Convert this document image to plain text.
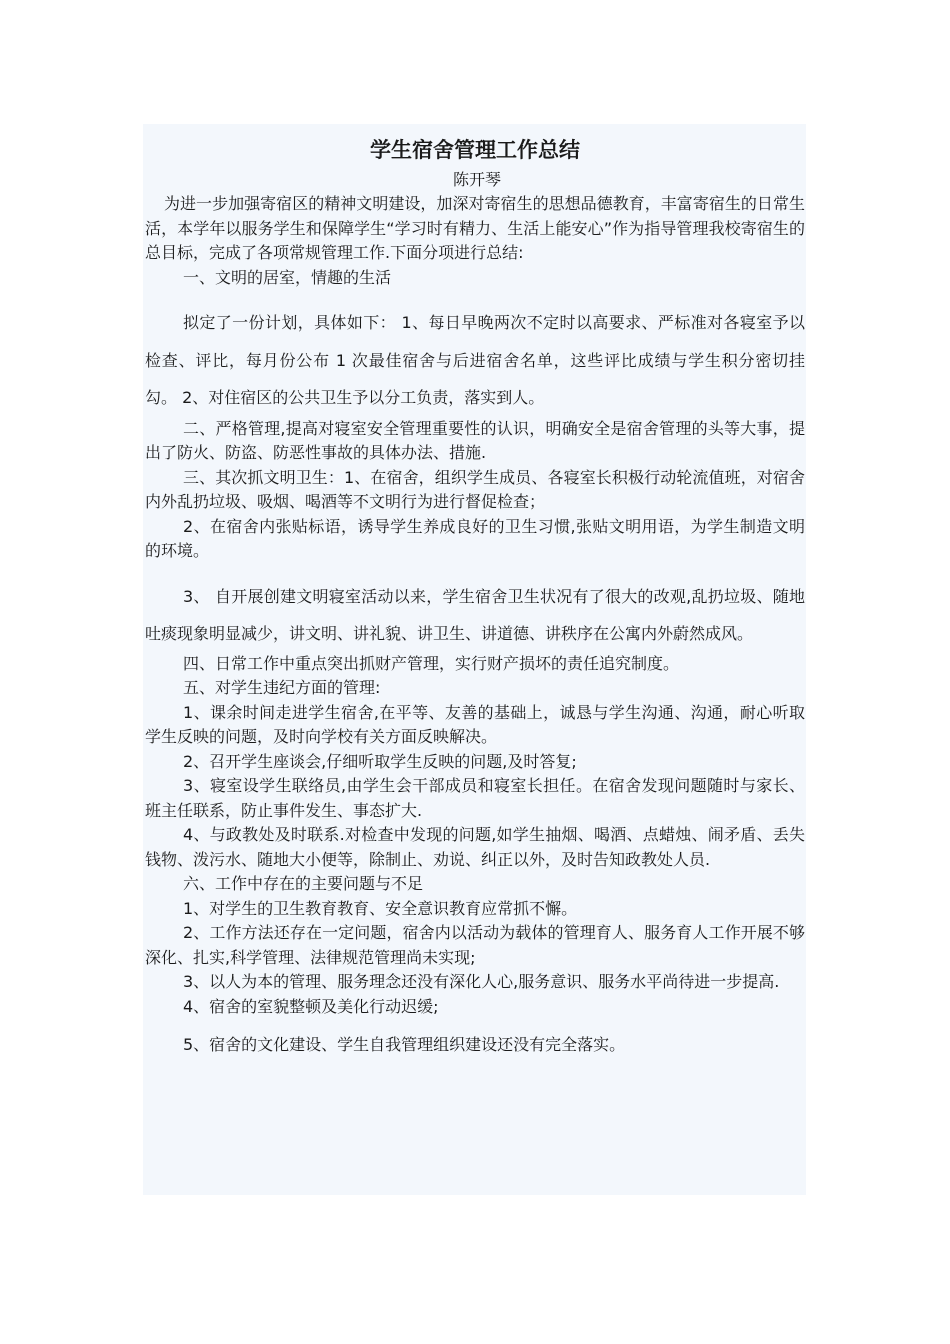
学生宿舍管理工作总结

陈开琴

为进一步加强寄宿区的精神文明建设，加深对寄宿生的思想品德教育，丰富寄宿生的日常生活，本学年以服务学生和保障学生“学习时有精力、生活上能安心”作为指导管理我校寄宿生的总目标，完成了各项常规管理工作.下面分项进行总结:

一、文明的居室，情趣的生活

拟定了一份计划，具体如下： 1、每日早晚两次不定时以高要求、严标准对各寝室予以检查、评比，每月份公布 1 次最佳宿舍与后进宿舍名单，这些评比成绩与学生积分密切挂勾。 2、对住宿区的公共卫生予以分工负责，落实到人。

二、严格管理,提高对寝室安全管理重要性的认识，明确安全是宿舍管理的头等大事，提出了防火、防盗、防恶性事故的具体办法、措施.

三、其次抓文明卫生：1、在宿舍，组织学生成员、各寝室长积极行动轮流值班，对宿舍内外乱扔垃圾、吸烟、喝酒等不文明行为进行督促检查；

2、在宿舍内张贴标语，诱导学生养成良好的卫生习惯,张贴文明用语，为学生制造文明的环境。

3、 自开展创建文明寝室活动以来，学生宿舍卫生状况有了很大的改观,乱扔垃圾、随地吐痰现象明显减少，讲文明、讲礼貌、讲卫生、讲道德、讲秩序在公寓内外蔚然成风。

四、日常工作中重点突出抓财产管理，实行财产损坏的责任追究制度。

五、对学生违纪方面的管理:

1、课余时间走进学生宿舍,在平等、友善的基础上，诚恳与学生沟通、沟通，耐心听取学生反映的问题，及时向学校有关方面反映解决。

2、召开学生座谈会,仔细听取学生反映的问题,及时答复;

3、寝室设学生联络员,由学生会干部成员和寝室长担任。在宿舍发现问题随时与家长、班主任联系，防止事件发生、事态扩大.

4、与政教处及时联系.对检查中发现的问题,如学生抽烟、喝酒、点蜡烛、闹矛盾、丢失钱物、泼污水、随地大小便等，除制止、劝说、纠正以外，及时告知政教处人员.

六、工作中存在的主要问题与不足

1、对学生的卫生教育教育、安全意识教育应常抓不懈。

2、工作方法还存在一定问题，宿舍内以活动为载体的管理育人、服务育人工作开展不够深化、扎实,科学管理、法律规范管理尚未实现;

3、以人为本的管理、服务理念还没有深化人心,服务意识、服务水平尚待进一步提高.

4、宿舍的室貌整顿及美化行动迟缓;

5、宿舍的文化建设、学生自我管理组织建设还没有完全落实。
